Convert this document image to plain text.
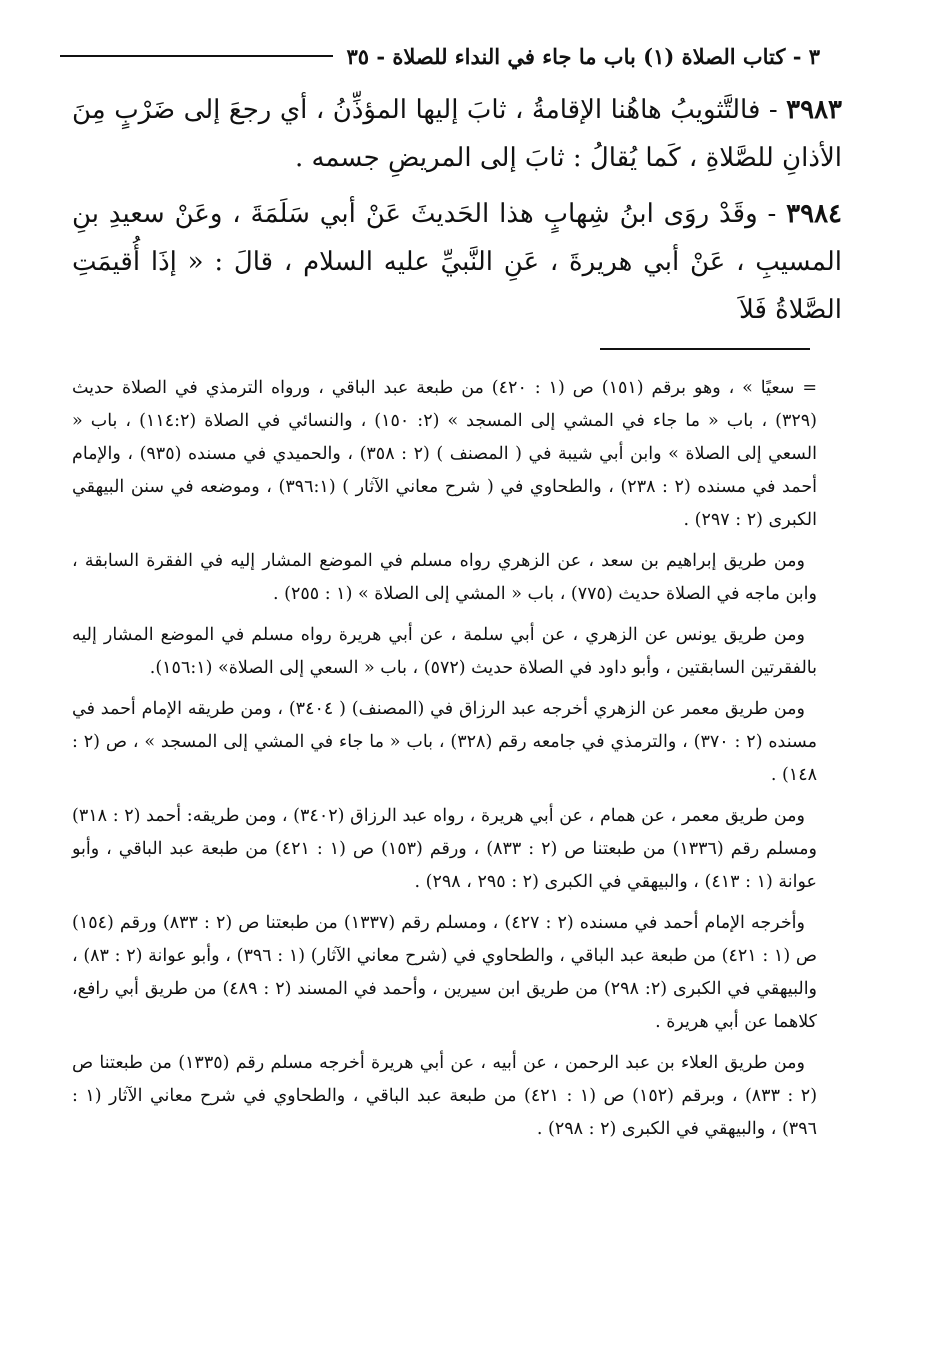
٣ - كتاب الصلاة (١) باب ما جاء في النداء للصلاة - ٣٥

٣٩٨٣ - فالتَّثويبُ هاهُنا الإقامةُ ، ثابَ إليها المؤذِّنُ ، أي رجعَ إلى ضَرْبٍ مِنَ الأذانِ للصَّلاةِ ، كَما يُقالُ : ثابَ إلى المريضِ جسمه .

٣٩٨٤ - وقَدْ روَى ابنُ شِهابٍ هذا الحَديثَ عَنْ أبي سَلَمَةَ ، وعَنْ سعيدِ بنِ المسيبِ ، عَنْ أبي هريرةَ ، عَنِ النَّبيِّ عليه السلام ، قالَ : « إذَا أُقيمَتِ الصَّلاةُ فَلاَ

= سعيًا » ، وهو برقم (١٥١) ص (١ : ٤٢٠) من طبعة عبد الباقي ، ورواه الترمذي في الصلاة حديث (٣٢٩) ، باب « ما جاء في المشي إلى المسجد » (٢: ١٥٠) ، والنسائي في الصلاة (١١٤:٢) ، باب « السعي إلى الصلاة » وابن أبي شيبة في ( المصنف ) (٢ : ٣٥٨) ، والحميدي في مسنده (٩٣٥) ، والإمام أحمد في مسنده (٢ : ٢٣٨) ، والطحاوي في ( شرح معاني الآثار ) (٣٩٦:١) ، وموضعه في سنن البيهقي الكبرى (٢ : ٢٩٧) .

ومن طريق إبراهيم بن سعد ، عن الزهري رواه مسلم في الموضع المشار إليه في الفقرة السابقة ، وابن ماجه في الصلاة حديث (٧٧٥) ، باب « المشي إلى الصلاة » (١ : ٢٥٥) .

ومن طريق يونس عن الزهري ، عن أبي سلمة ، عن أبي هريرة رواه مسلم في الموضع المشار إليه بالفقرتين السابقتين ، وأبو داود في الصلاة حديث (٥٧٢) ، باب « السعي إلى الصلاة» (١٥٦:١).

ومن طريق معمر عن الزهري أخرجه عبد الرزاق في (المصنف) ( ٣٤٠٤) ، ومن طريقه الإمام أحمد في مسنده (٢ : ٣٧٠) ، والترمذي في جامعه رقم (٣٢٨) ، باب « ما جاء في المشي إلى المسجد » ، ص (٢ : ١٤٨) .

ومن طريق معمر ، عن همام ، عن أبي هريرة ، رواه عبد الرزاق (٣٤٠٢) ، ومن طريقه: أحمد (٢ : ٣١٨) ومسلم رقم (١٣٣٦) من طبعتنا ص (٢ : ٨٣٣) ، ورقم (١٥٣) ص (١ : ٤٢١) من طبعة عبد الباقي ، وأبو عوانة (١ : ٤١٣) ، والبيهقي في الكبرى (٢ : ٢٩٥ ، ٢٩٨) .

وأخرجه الإمام أحمد في مسنده (٢ : ٤٢٧) ، ومسلم رقم (١٣٣٧) من طبعتنا ص (٢ : ٨٣٣) ورقم (١٥٤) ص (١ : ٤٢١) من طبعة عبد الباقي ، والطحاوي في (شرح معاني الآثار) (١ : ٣٩٦) ، وأبو عوانة (٢ : ٨٣) ، والبيهقي في الكبرى (٢: ٢٩٨) من طريق ابن سيرين ، وأحمد في المسند (٢ : ٤٨٩) من طريق أبي رافع، كلاهما عن أبي هريرة .

ومن طريق العلاء بن عبد الرحمن ، عن أبيه ، عن أبي هريرة أخرجه مسلم رقم (١٣٣٥) من طبعتنا ص (٢ : ٨٣٣) ، وبرقم (١٥٢) ص (١ : ٤٢١) من طبعة عبد الباقي ، والطحاوي في شرح معاني الآثار (١ : ٣٩٦) ، والبيهقي في الكبرى (٢ : ٢٩٨) .
